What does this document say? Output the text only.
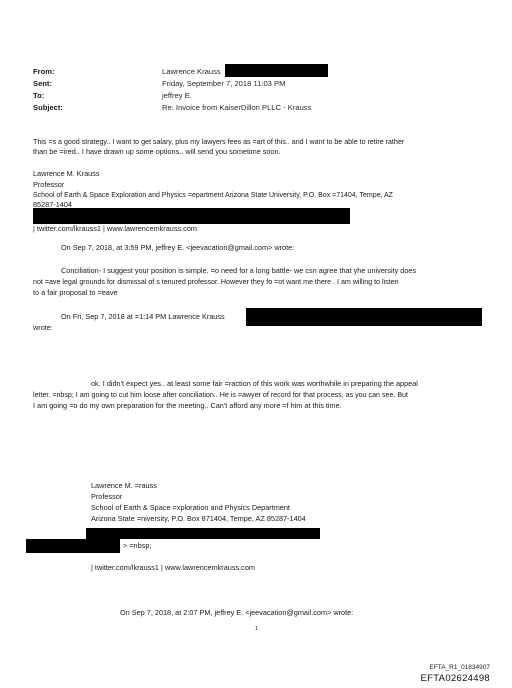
From:	Lawrence Krauss
Sent:	Friday, September 7, 2018 11:03 PM
To:	jeffrey E.
Subject:	Re: Invoice from KaiserDillon PLLC - Krauss
This =s a good strategy.. I want to get salary, plus my lawyers fees as =art of this.. and I want to be able to retire rather
than be =ired.. I have drawn up some options.. will send you sometime soon.
Lawrence M. Krauss
Professor
School of Earth & Space Exploration and Physics =epartment Arizona State University, P.O. Box =71404, Tempe, AZ
85287-1404
| twitter.com/lkrauss1 | www.lawrencemkrauss.com
On Sep 7, 2018, at 3:59 PM, jeffrey E. <jeevacation@gmail.com> wrote:
Conciliation- I suggest your position is simple. =o need for a long battle- we csn agree that yhe university does
not =ave legal grounds for dismissal of s tenured professor. However they fo =ot want me there . I am willing to listen
to a fair proposal to =eave
On Fri, Sep 7, 2018 at =1:14 PM Lawrence Krauss
wrote:
ok. I didn't expect yes.. at least some fair =raction of this work was worthwhile in preparing the appeal
letter. =nbsp; I am going to cut him loose after conciliation.. He is =awyer of record for that process, as you can see. But
I am going =o do my own preparation for the meeting.. Can't afford any more =f him at this time.
Lawrence M. =rauss
Professor
School of Earth & Space =xploration and Physics Department
Arizona State =niversity, P.O. Box 871404, Tempe, AZ 85287-1404
> =nbsp;
| twitter.com/lkrauss1 | www.lawrencemkrauss.com
On Sep 7, 2018, at 2:07 PM, jeffrey E. <jeevacation@gmail.com> wrote:
1
EFTA_R1_01834907
EFTA02624498
